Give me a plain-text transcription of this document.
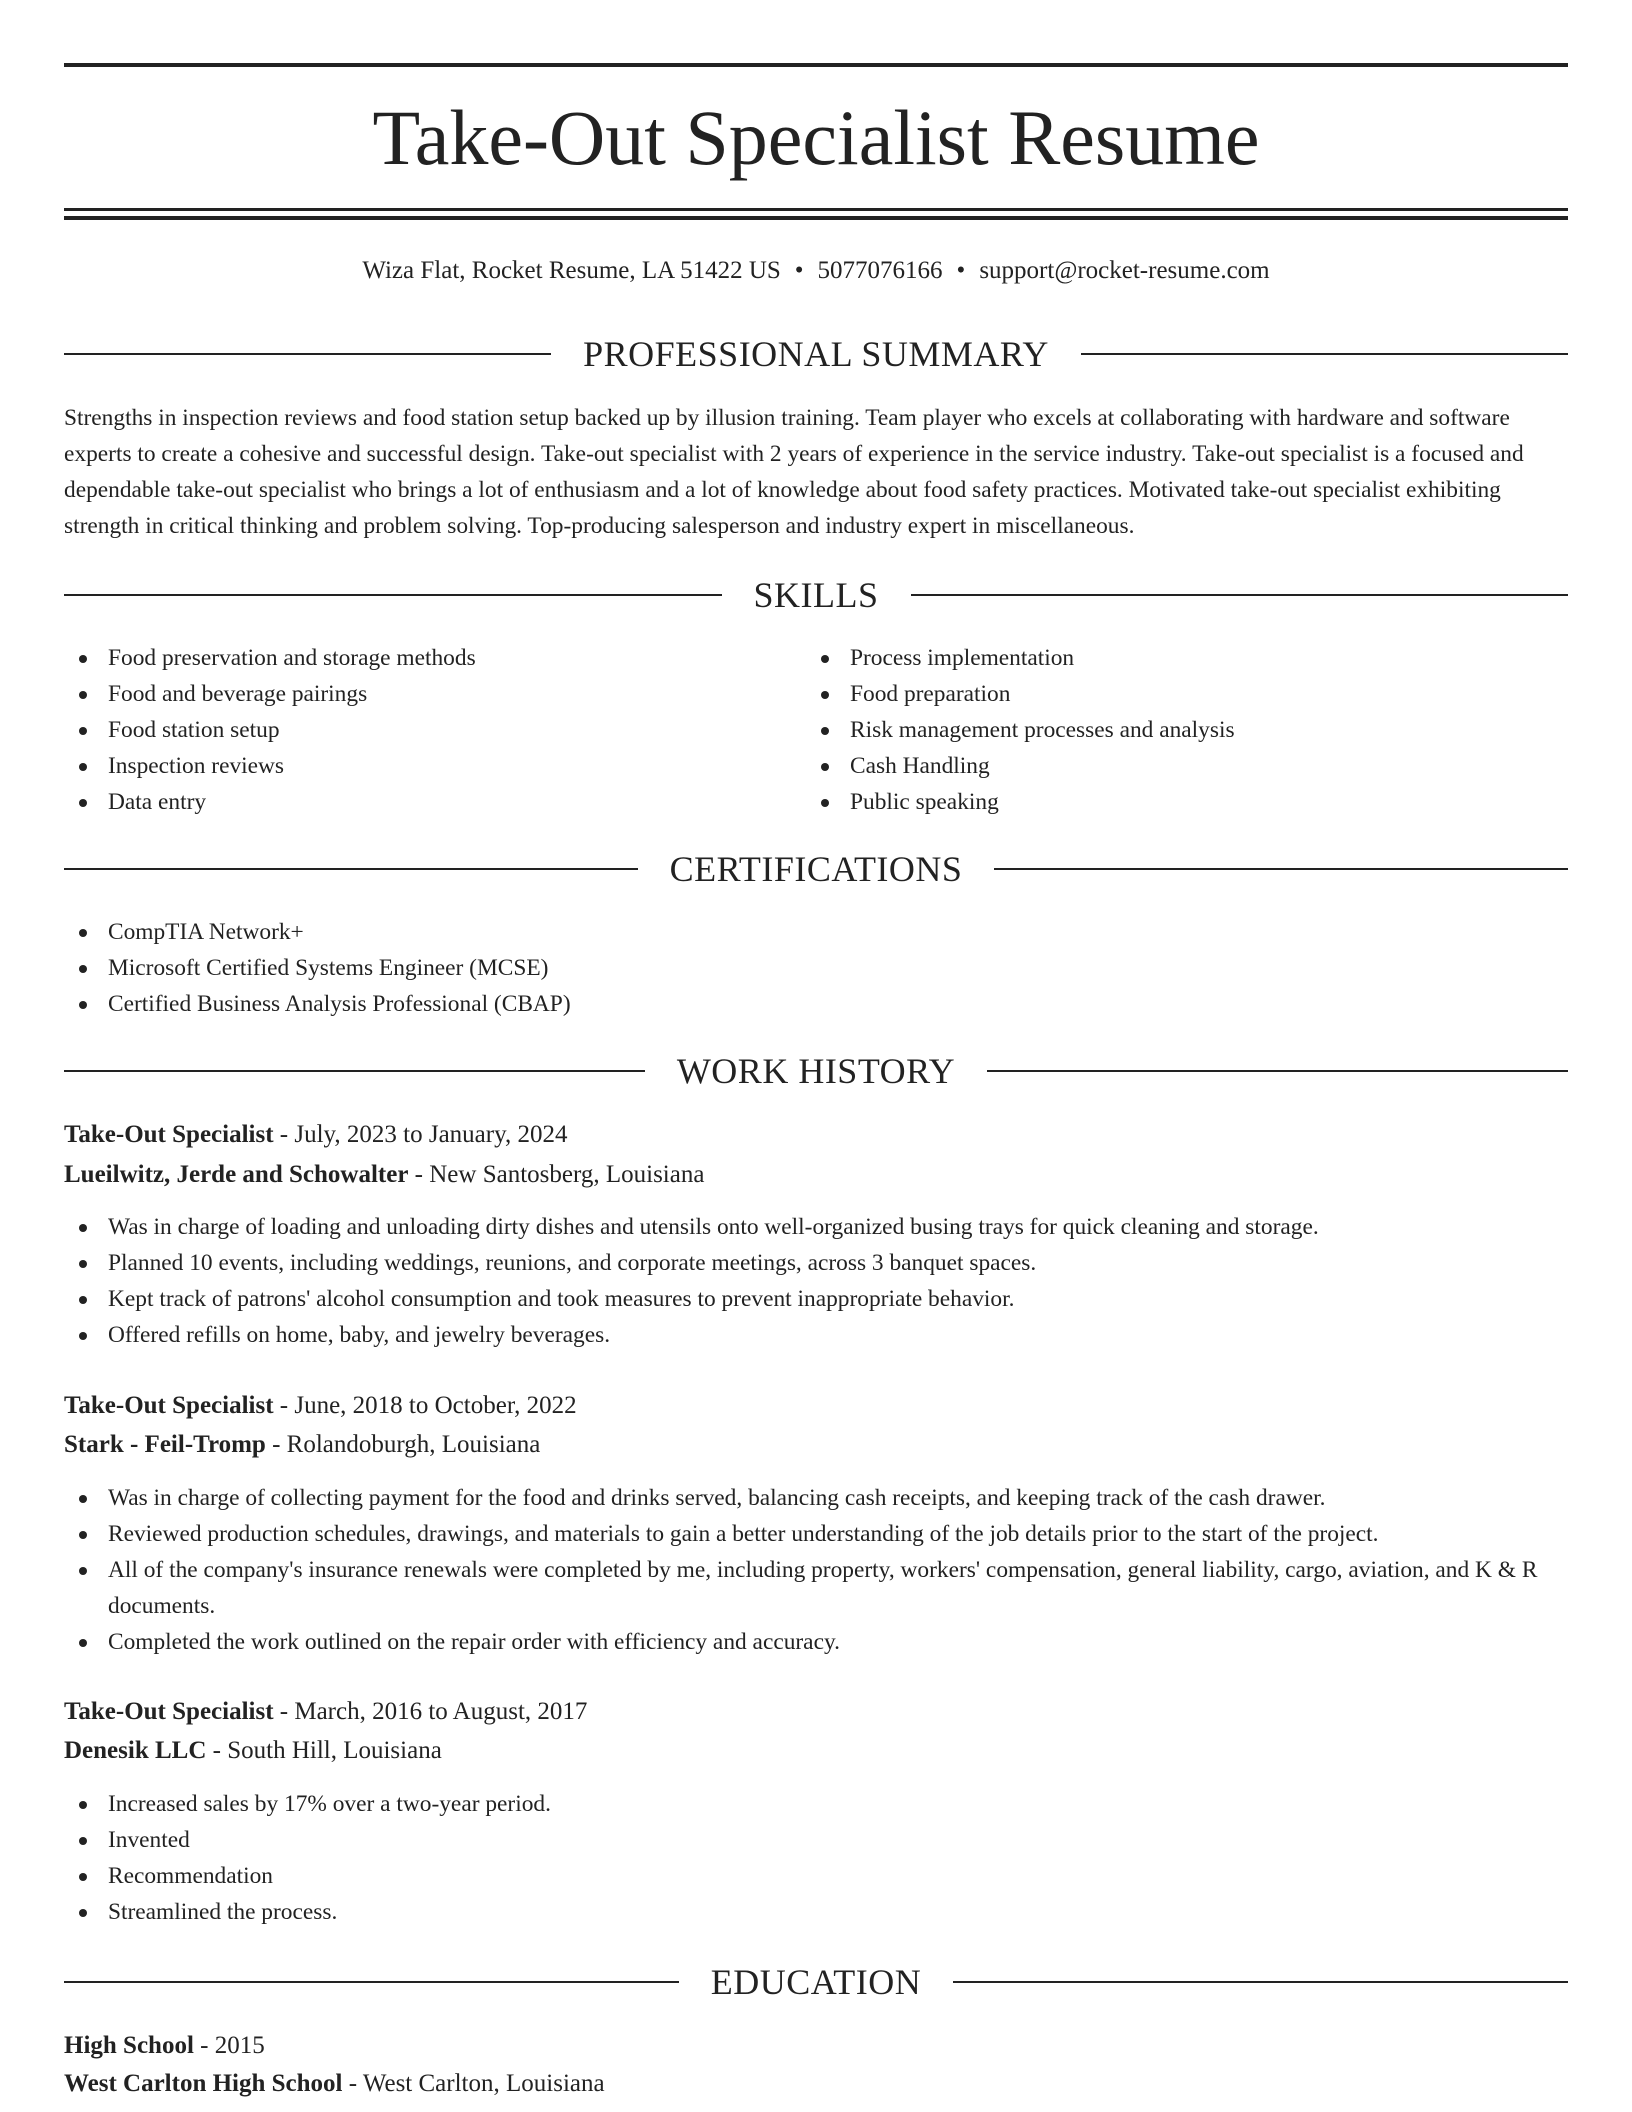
Take-Out Specialist Resume
Wiza Flat, Rocket Resume, LA 51422 US • 5077076166 • support@rocket-resume.com
PROFESSIONAL SUMMARY

Strengths in inspection reviews and food station setup backed up by illusion training. Team player who excels at collaborating with hardware and software experts to create a cohesive and successful design. Take-out specialist with 2 years of experience in the service industry. Take-out specialist is a focused and dependable take-out specialist who brings a lot of enthusiasm and a lot of knowledge about food safety practices. Motivated take-out specialist exhibiting strength in critical thinking and problem solving. Top-producing salesperson and industry expert in miscellaneous.

SKILLS
Food preservation and storage methods
Food and beverage pairings
Food station setup
Inspection reviews
Data entry
Process implementation
Food preparation
Risk management processes and analysis
Cash Handling
Public speaking
CERTIFICATIONS
CompTIA Network+
Microsoft Certified Systems Engineer (MCSE)
Certified Business Analysis Professional (CBAP)
WORK HISTORY
Take-Out Specialist - July, 2023 to January, 2024
Lueilwitz, Jerde and Schowalter - New Santosberg, Louisiana
Was in charge of loading and unloading dirty dishes and utensils onto well-organized busing trays for quick cleaning and storage.
Planned 10 events, including weddings, reunions, and corporate meetings, across 3 banquet spaces.
Kept track of patrons' alcohol consumption and took measures to prevent inappropriate behavior.
Offered refills on home, baby, and jewelry beverages.
Take-Out Specialist - June, 2018 to October, 2022
Stark - Feil-Tromp - Rolandoburgh, Louisiana
Was in charge of collecting payment for the food and drinks served, balancing cash receipts, and keeping track of the cash drawer.
Reviewed production schedules, drawings, and materials to gain a better understanding of the job details prior to the start of the project.
All of the company's insurance renewals were completed by me, including property, workers' compensation, general liability, cargo, aviation, and K & R documents.
Completed the work outlined on the repair order with efficiency and accuracy.
Take-Out Specialist - March, 2016 to August, 2017
Denesik LLC - South Hill, Louisiana
Increased sales by 17% over a two-year period.
Invented
Recommendation
Streamlined the process.
EDUCATION
High School - 2015
West Carlton High School - West Carlton, Louisiana
